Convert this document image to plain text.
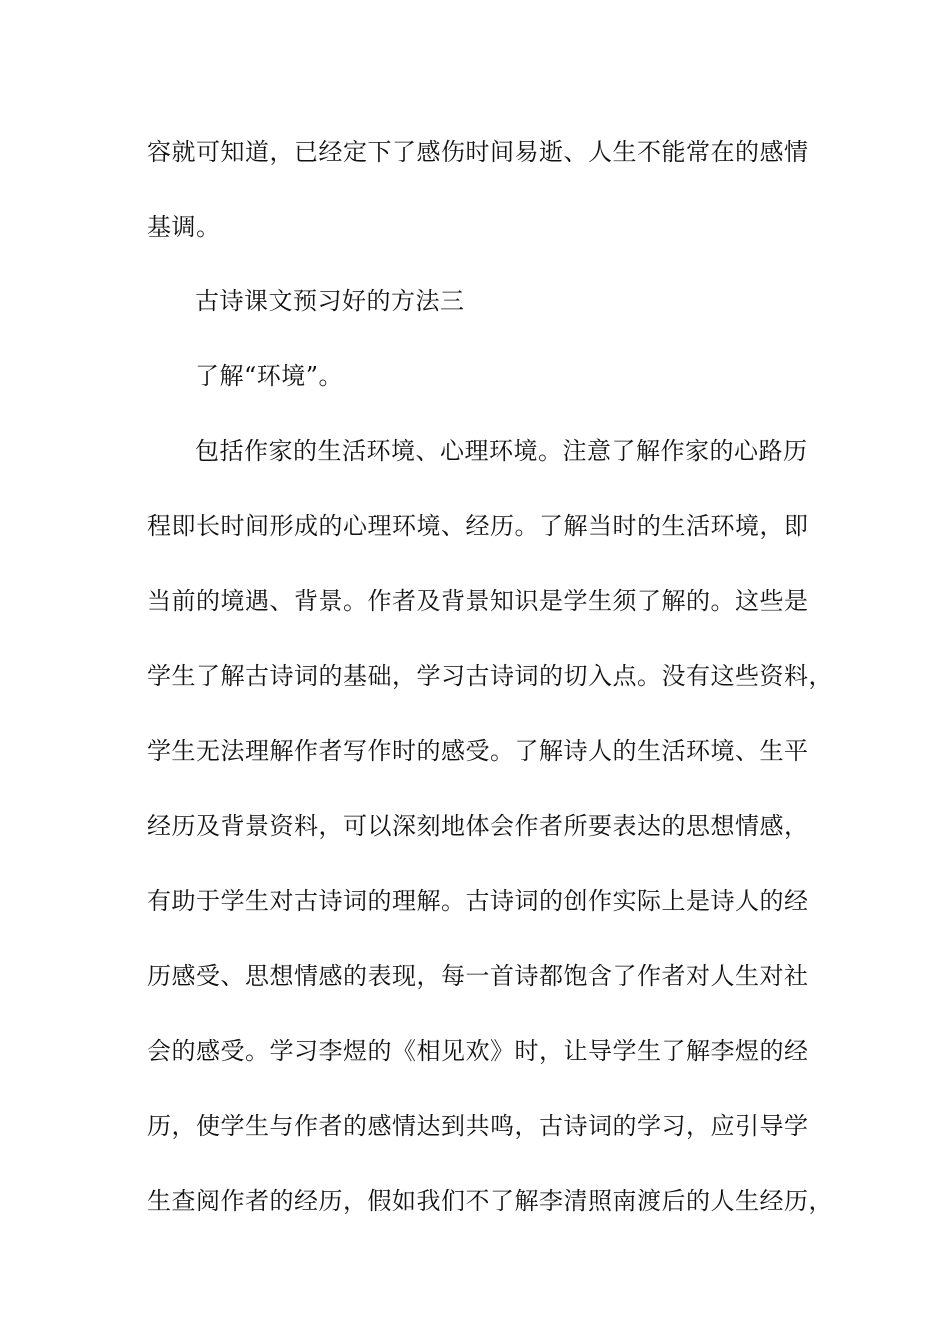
容就可知道，已经定下了感伤时间易逝、人生不能常在的感情
基调。
古诗课文预习好的方法三
了解“环境”。
包括作家的生活环境、心理环境。注意了解作家的心路历
程即长时间形成的心理环境、经历。了解当时的生活环境，即
当前的境遇、背景。作者及背景知识是学生须了解的。这些是
学生了解古诗词的基础，学习古诗词的切入点。没有这些资料，
学生无法理解作者写作时的感受。了解诗人的生活环境、生平
经历及背景资料，可以深刻地体会作者所要表达的思想情感，
有助于学生对古诗词的理解。古诗词的创作实际上是诗人的经
历感受、思想情感的表现，每一首诗都饱含了作者对人生对社
会的感受。学习李煜的《相见欢》时，让导学生了解李煜的经
历，使学生与作者的感情达到共鸣，古诗词的学习，应引导学
生查阅作者的经历，假如我们不了解李清照南渡后的人生经历，
